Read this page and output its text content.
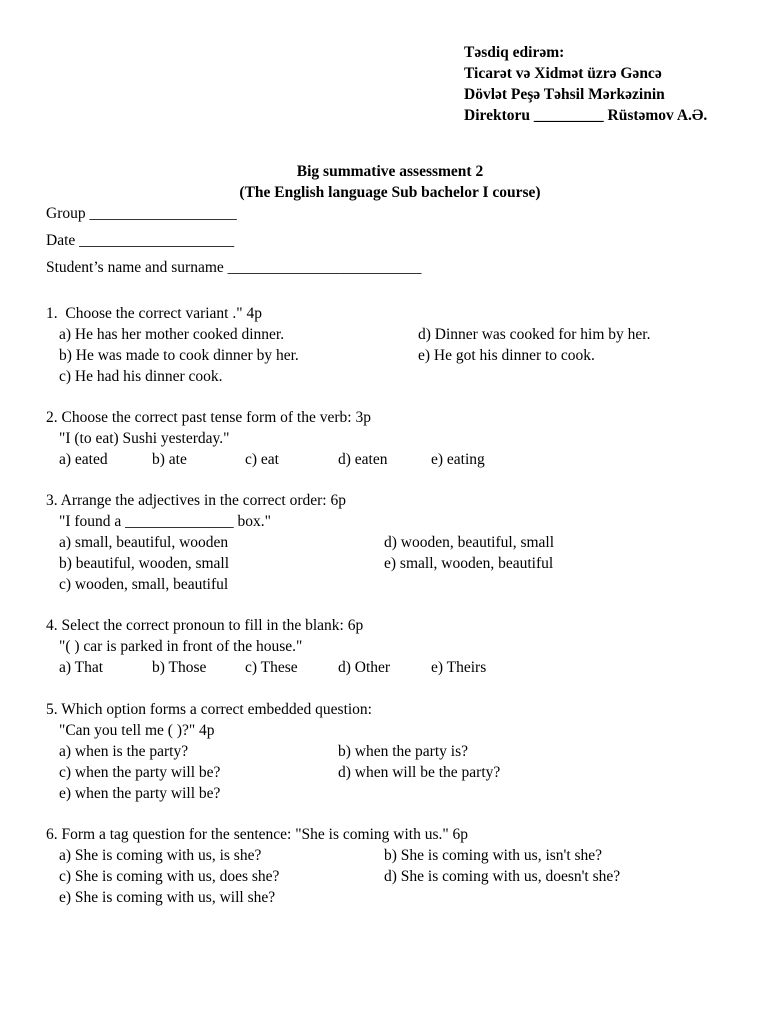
Təsdiq edirəm:
Ticarət və Xidmət üzrə Gəncə
Dövlət Peşə Təhsil Mərkəzinin
Direktoru _________ Rüstəmov A.Ə.
Big summative assessment 2
(The English language Sub bachelor I course)
Group ___________________
Date ____________________
Student’s name and surname _________________________
1.  Choose the correct variant ." 4p
a) He has her mother cooked dinner.
b) He was made to cook dinner by her.
c) He had his dinner cook.
d) Dinner was cooked for him by her.
e) He got his dinner to cook.
2. Choose the correct past tense form of the verb: 3p
"I (to eat) Sushi yesterday."
a) eated	b) ate	c) eat	d) eaten	e) eating
3. Arrange the adjectives in the correct order: 6p
"I found a ______________ box."
a) small, beautiful, wooden
b) beautiful, wooden, small
c) wooden, small, beautiful
d) wooden, beautiful, small
e) small, wooden, beautiful
4. Select the correct pronoun to fill in the blank: 6p
"( ) car is parked in front of the house."
a) That	b) Those c) These	d) Other	e) Theirs
5. Which option forms a correct embedded question:
"Can you tell me ( )?" 4p
a) when is the party?
c) when the party will be?
e) when the party will be?
b) when the party is?
d) when will be the party?
6. Form a tag question for the sentence: "She is coming with us." 6p
a) She is coming with us, is she?
c) She is coming with us, does she?
e) She is coming with us, will she?
b) She is coming with us, isn't she?
d) She is coming with us, doesn't she?
